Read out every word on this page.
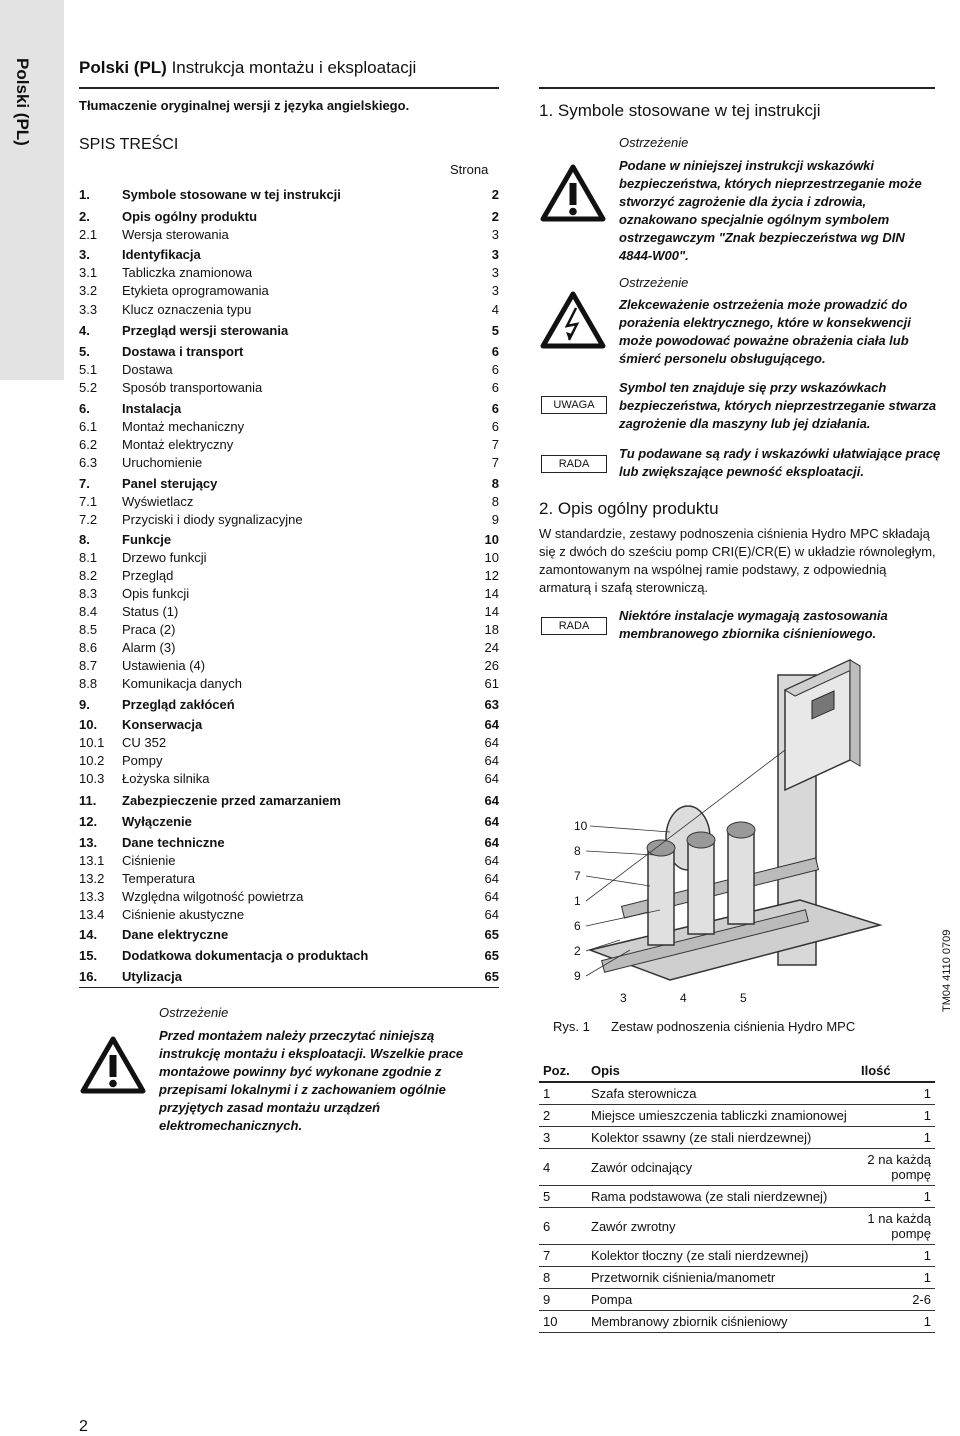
Polski (PL)	Polski (PL) Instrukcja montażu i eksploatacji
Tłumaczenie oryginalnej wersji z języka angielskiego.
SPIS TREŚCI
Strona
1. Symbole stosowane w tej instrukcji	2
2. Opis ogólny produktu	2
2.1 Wersja sterowania	3
3. Identyfikacja	3
3.1 Tabliczka znamionowa	3
3.2 Etykieta oprogramowania	3
3.3 Klucz oznaczenia typu	4
4. Przegląd wersji sterowania	5
5. Dostawa i transport	6
5.1 Dostawa	6
5.2 Sposób transportowania	6
6. Instalacja	6
6.1 Montaż mechaniczny	6
6.2 Montaż elektryczny	7
6.3 Uruchomienie	7
7. Panel sterujący	8
7.1 Wyświetlacz	8
7.2 Przyciski i diody sygnalizacyjne	9
8. Funkcje	10
8.1 Drzewo funkcji	10
8.2 Przegląd	12
8.3 Opis funkcji	14
8.4 Status (1)	14
8.5 Praca (2)	18
8.6 Alarm (3)	24
8.7 Ustawienia (4)	26
8.8 Komunikacja danych	61
9. Przegląd zakłóceń	63
10. Konserwacja	64
10.1 CU 352	64
10.2 Pompy	64
10.3 Łożyska silnika	64
11. Zabezpieczenie przed zamarzaniem	64
12. Wyłączenie	64
13. Dane techniczne	64
13.1 Ciśnienie	64
13.2 Temperatura	64
13.3 Względna wilgotność powietrza	64
13.4 Ciśnienie akustyczne	64
14. Dane elektryczne	65
15. Dodatkowa dokumentacja o produktach	65
16. Utylizacja	65
Ostrzeżenie
Przed montażem należy przeczytać niniejszą instrukcję montażu i eksploatacji. Wszelkie prace montażowe powinny być wykonane zgodnie z przepisami lokalnymi i z zachowaniem ogólnie przyjętych zasad montażu urządzeń elektromechanicznych.
1. Symbole stosowane w tej instrukcji
Ostrzeżenie
Podane w niniejszej instrukcji wskazówki bezpieczeństwa, których nieprzestrzeganie może stworzyć zagrożenie dla życia i zdrowia, oznakowano specjalnie ogólnym symbolem ostrzegawczym "Znak bezpieczeństwa wg DIN 4844-W00".
Ostrzeżenie
Zlekceważenie ostrzeżenia może prowadzić do porażenia elektrycznego, które w konsekwencji może powodować poważne obrażenia ciała lub śmierć personelu obsługującego.
UWAGA
Symbol ten znajduje się przy wskazówkach bezpieczeństwa, których nieprzestrzeganie stwarza zagrożenie dla maszyny lub jej działania.
RADA
Tu podawane są rady i wskazówki ułatwiające pracę lub zwiększające pewność eksploatacji.
2. Opis ogólny produktu
W standardzie, zestawy podnoszenia ciśnienia Hydro MPC składają się z dwóch do sześciu pomp CRI(E)/CR(E) w układzie równoległym, zamontowanym na wspólnej ramie podstawy, z odpowiednią armaturą i szafą sterowniczą.
RADA
Niektóre instalacje wymagają zastosowania membranowego zbiornika ciśnieniowego.
10
8
7
1
6
2
9
3	4	5	TM04 4110 0709
Rys. 1 Zestaw podnoszenia ciśnienia Hydro MPC
Poz.	Opis	Ilość
1	Szafa sterownicza	1
2	Miejsce umieszczenia tabliczki znamionowej	1
3	Kolektor ssawny (ze stali nierdzewnej)	1
4	Zawór odcinający	2 na każdą pompę
5	Rama podstawowa (ze stali nierdzewnej)	1
6	Zawór zwrotny	1 na każdą pompę
7	Kolektor tłoczny (ze stali nierdzewnej)	1
8	Przetwornik ciśnienia/manometr	1
9	Pompa	2-6
10	Membranowy zbiornik ciśnieniowy	1
2
